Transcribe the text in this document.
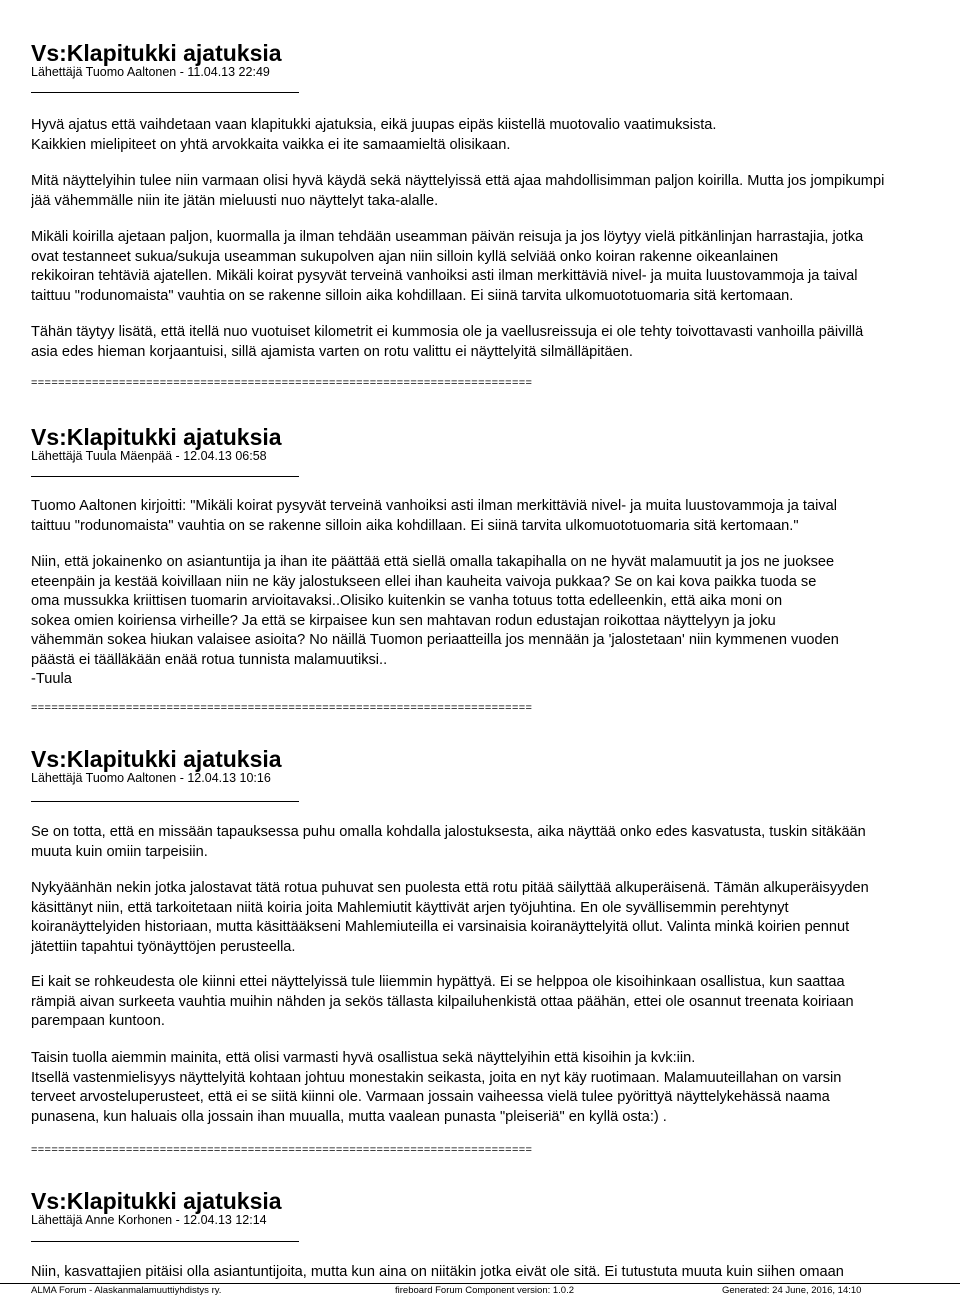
Vs:Klapitukki ajatuksia
Lähettäjä Tuomo Aaltonen - 11.04.13 22:49
Hyvä ajatus että vaihdetaan vaan klapitukki ajatuksia, eikä juupas eipäs kiistellä muotovalio vaatimuksista.
Kaikkien mielipiteet on yhtä arvokkaita vaikka ei ite samaamieltä olisikaan.
Mitä näyttelyihin tulee niin varmaan olisi hyvä käydä sekä näyttelyissä että ajaa mahdollisimman paljon koirilla. Mutta jos jompikumpi
jää vähemmälle niin ite jätän mieluusti nuo näyttelyt taka-alalle.
Mikäli koirilla ajetaan paljon, kuormalla ja ilman tehdään useamman päivän reisuja ja jos löytyy vielä pitkänlinjan harrastajia, jotka
ovat testanneet sukua/sukuja useamman sukupolven ajan niin silloin kyllä selviää onko koiran rakenne oikeanlainen
rekikoiran tehtäviä ajatellen. Mikäli koirat pysyvät terveinä vanhoiksi asti ilman merkittäviä nivel- ja muita luustovammoja ja taival
taittuu "rodunomaista" vauhtia on se rakenne silloin aika kohdillaan. Ei siinä tarvita ulkomuototuomaria sitä kertomaan.
Tähän täytyy lisätä, että itellä nuo vuotuiset kilometrit ei kummosia ole ja vaellusreissuja ei ole tehty toivottavasti vanhoilla päivillä
asia edes hieman korjaantuisi, sillä ajamista varten on rotu valittu ei näyttelyitä silmälläpitäen.
==========================================================================
Vs:Klapitukki ajatuksia
Lähettäjä Tuula Mäenpää - 12.04.13 06:58
Tuomo Aaltonen kirjoitti: "Mikäli koirat pysyvät terveinä vanhoiksi asti ilman merkittäviä nivel- ja muita luustovammoja ja taival
taittuu "rodunomaista" vauhtia on se rakenne silloin aika kohdillaan. Ei siinä tarvita ulkomuototuomaria sitä kertomaan."
Niin, että jokainenko on asiantuntija ja ihan ite päättää että siellä omalla takapihalla on ne hyvät malamuutit ja jos ne juoksee
eteenpäin ja kestää koivillaan niin ne käy jalostukseen ellei ihan kauheita vaivoja pukkaa? Se on kai kova paikka tuoda se
oma mussukka kriittisen tuomarin arvioitavaksi..Olisiko kuitenkin se vanha totuus totta edelleenkin, että aika moni on
sokea omien koiriensa virheille? Ja että se kirpaisee kun sen mahtavan rodun edustajan roikottaa näyttelyyn ja joku
vähemmän sokea hiukan valaisee asioita? No näillä Tuomon periaatteilla jos mennään ja 'jalostetaan' niin kymmenen vuoden
päästä ei täälläkään enää rotua tunnista malamuutiksi..
-Tuula
==========================================================================
Vs:Klapitukki ajatuksia
Lähettäjä Tuomo Aaltonen - 12.04.13 10:16
Se on totta, että en missään tapauksessa puhu omalla kohdalla jalostuksesta, aika näyttää onko edes kasvatusta, tuskin sitäkään
muuta kuin omiin tarpeisiin.
Nykyäänhän nekin jotka jalostavat tätä rotua puhuvat sen puolesta että rotu pitää säilyttää alkuperäisenä. Tämän alkuperäisyyden
käsittänyt niin, että tarkoitetaan niitä koiria joita Mahlemiutit käyttivät arjen työjuhtina. En ole syvällisemmin perehtynyt
koiranäyttelyiden historiaan, mutta käsittääkseni Mahlemiuteilla ei varsinaisia koiranäyttelyitä ollut. Valinta minkä koirien pennut
jätettiin tapahtui työnäyttöjen perusteella.
Ei kait se rohkeudesta ole kiinni ettei näyttelyissä tule liiemmin hypättyä. Ei se helppoa ole kisoihinkaan osallistua, kun saattaa
rämpiä aivan surkeeta vauhtia muihin nähden ja sekös tällasta kilpailuhenkistä ottaa päähän, ettei ole osannut treenata koiriaan
parempaan kuntoon.
Taisin tuolla aiemmin mainita, että olisi varmasti hyvä osallistua sekä näyttelyihin että kisoihin ja kvk:iin.
Itsellä vastenmielisyys näyttelyitä kohtaan johtuu monestakin seikasta, joita en nyt käy ruotimaan. Malamuuteillahan on varsin
terveet arvosteluperusteet, että ei se siitä kiinni ole. Varmaan jossain vaiheessa vielä tulee pyörittyä näyttelykehässä naama
punasena, kun haluais olla jossain ihan muualla, mutta vaalean punasta "pleiseriä" en kyllä osta:) .
==========================================================================
Vs:Klapitukki ajatuksia
Lähettäjä Anne Korhonen - 12.04.13 12:14
Niin, kasvattajien pitäisi olla asiantuntijoita, mutta kun aina on niitäkin jotka eivät ole sitä. Ei tutustuta muuta kuin siihen omaan
ALMA Forum - Alaskanmalamuuttiyhdistys ry.	fireboard Forum Component version: 1.0.2	Generated: 24 June, 2016, 14:10
